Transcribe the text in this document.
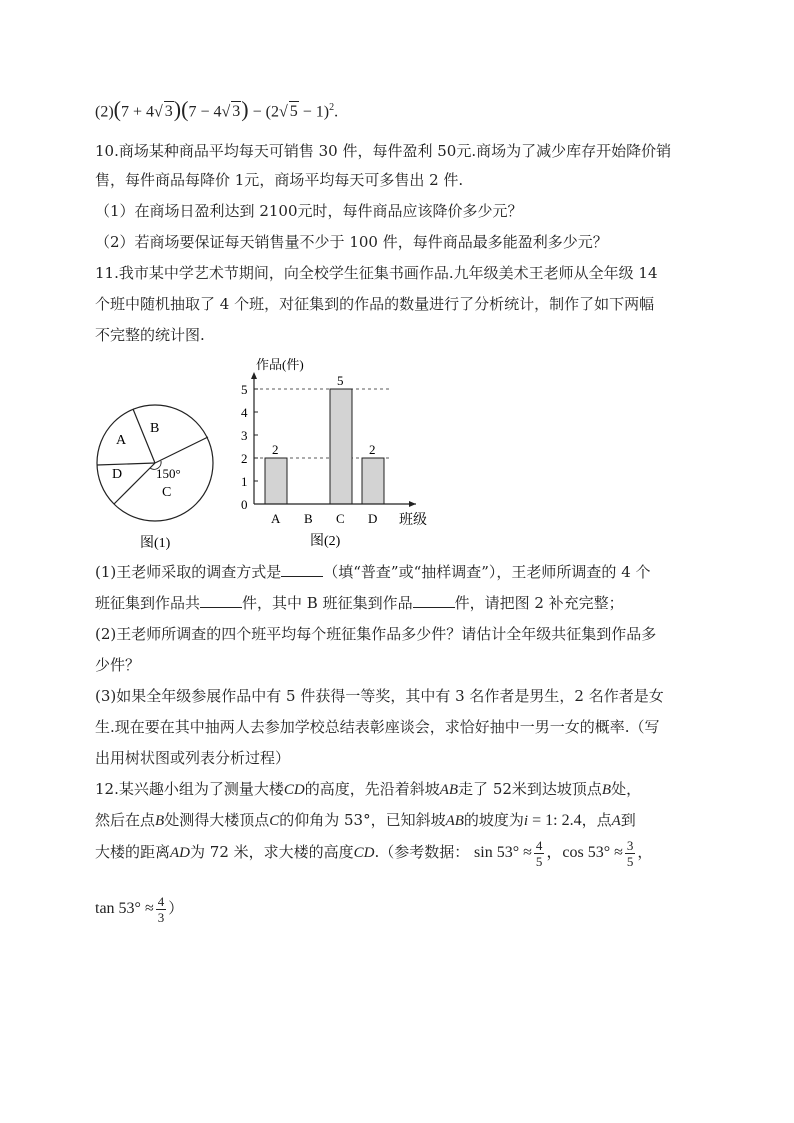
(2)(7 + 4√ 3)(7 − 4√ 3) − (2√ 5 − 1)$^2$.
10.商场某种商品平均每天可销售 30 件，每件盈利 50元.商场为了减少库存开始降价销
售，每件商品每降价 1元，商场平均每天可多售出 2 件.
（1）在商场日盈利达到 2100元时，每件商品应该降价多少元？
（2）若商场要保证每天销售量不少于 100 件，每件商品最多能盈利多少元？
11.我市某中学艺术节期间，向全校学生征集书画作品.九年级美术王老师从全年级 14
个班中随机抽取了 4 个班，对征集到的作品的数量进行了分析统计，制作了如下两幅
不完整的统计图.
A
B
D	150°
C
图(1)
作品(件)
班级
图(2)
2
5
2
0
1
2
3
4
5
A B C D
(1)王老师采取的调查方式是	（填“普查”或“抽样调查”），王老师所调查的 4 个
班征集到作品共	件，其中 B 班征集到作品	件，请把图 2 补充完整；
(2)王老师所调查的四个班平均每个班征集作品多少件？请估计全年级共征集到作品多
少件？
(3)如果全年级参展作品中有 5 件获得一等奖，其中有 3 名作者是男生，2 名作者是女
生.现在要在其中抽两人去参加学校总结表彰座谈会，求恰好抽中一男一女的概率.（写
出用树状图或列表分析过程）
12.某兴趣小组为了测量大楼CD的高度，先沿着斜坡AB走了 52米到达坡顶点B处，
然后在点B处测得大楼顶点C的仰角为 53°，已知斜坡AB的坡度为i = 1: 2.4，点A到
大楼的距离AD为 72 米，求大楼的高度CD.（参考数据： $\sin 53^\circ \approx \frac{4}{5}$ ，$\cos 53^\circ \approx \frac{3}{5}$ ，
$\tan 53^\circ \approx \frac{4}{3}$ ）
